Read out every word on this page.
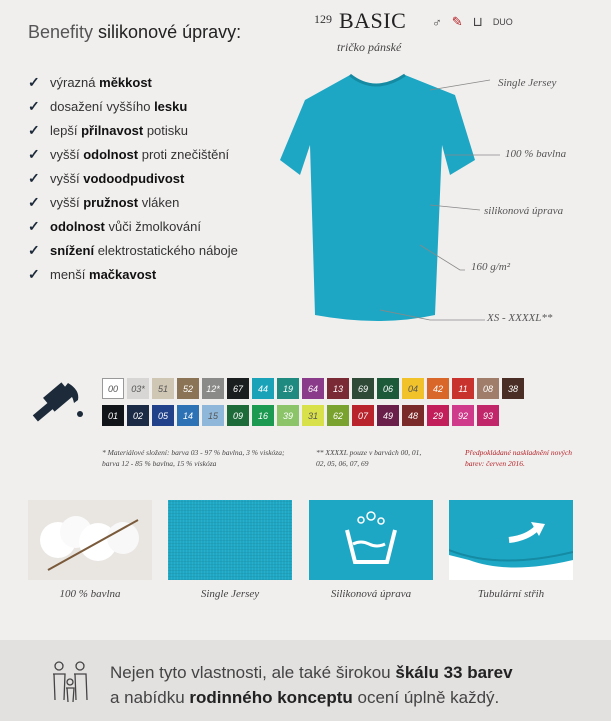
Benefity silikonové úpravy:
129 BASIC
tričko pánské
♂ ✎ ⊔ DUO
✓ výrazná měkkost
✓ dosažení vyššího lesku
✓ lepší přilnavost potisku
✓ vyšší odolnost proti znečištění
✓ vyšší vodoodpudivost
✓ vyšší pružnost vláken
✓ odolnost vůči žmolkování
✓ snížení elektrostatického náboje
✓ menší mačkavost
Single Jersey
100 % bavlna
silikonová úprava
160 g/m²
XS - XXXXL**
00	03*	51	52	12*	67	44	19	64	13	69	06	04	42	11	08	38
01	02	05	14	15	09	16	39	31	62	07	49	48	29	92	93
* Materiálové složení: barva 03 - 97 % bavlna, 3 % viskóza; barva 12 - 85 % bavlna, 15 % viskóza
** XXXXL pouze v barvách 00, 01, 02, 05, 06, 07, 69
Předpokládané naskladnění nových barev: červen 2016.
100 % bavlna	Single Jersey	Silikonová úprava	Tubulární střih
Nejen tyto vlastnosti, ale také širokou škálu 33 barev
a nabídku rodinného konceptu ocení úplně každý.
